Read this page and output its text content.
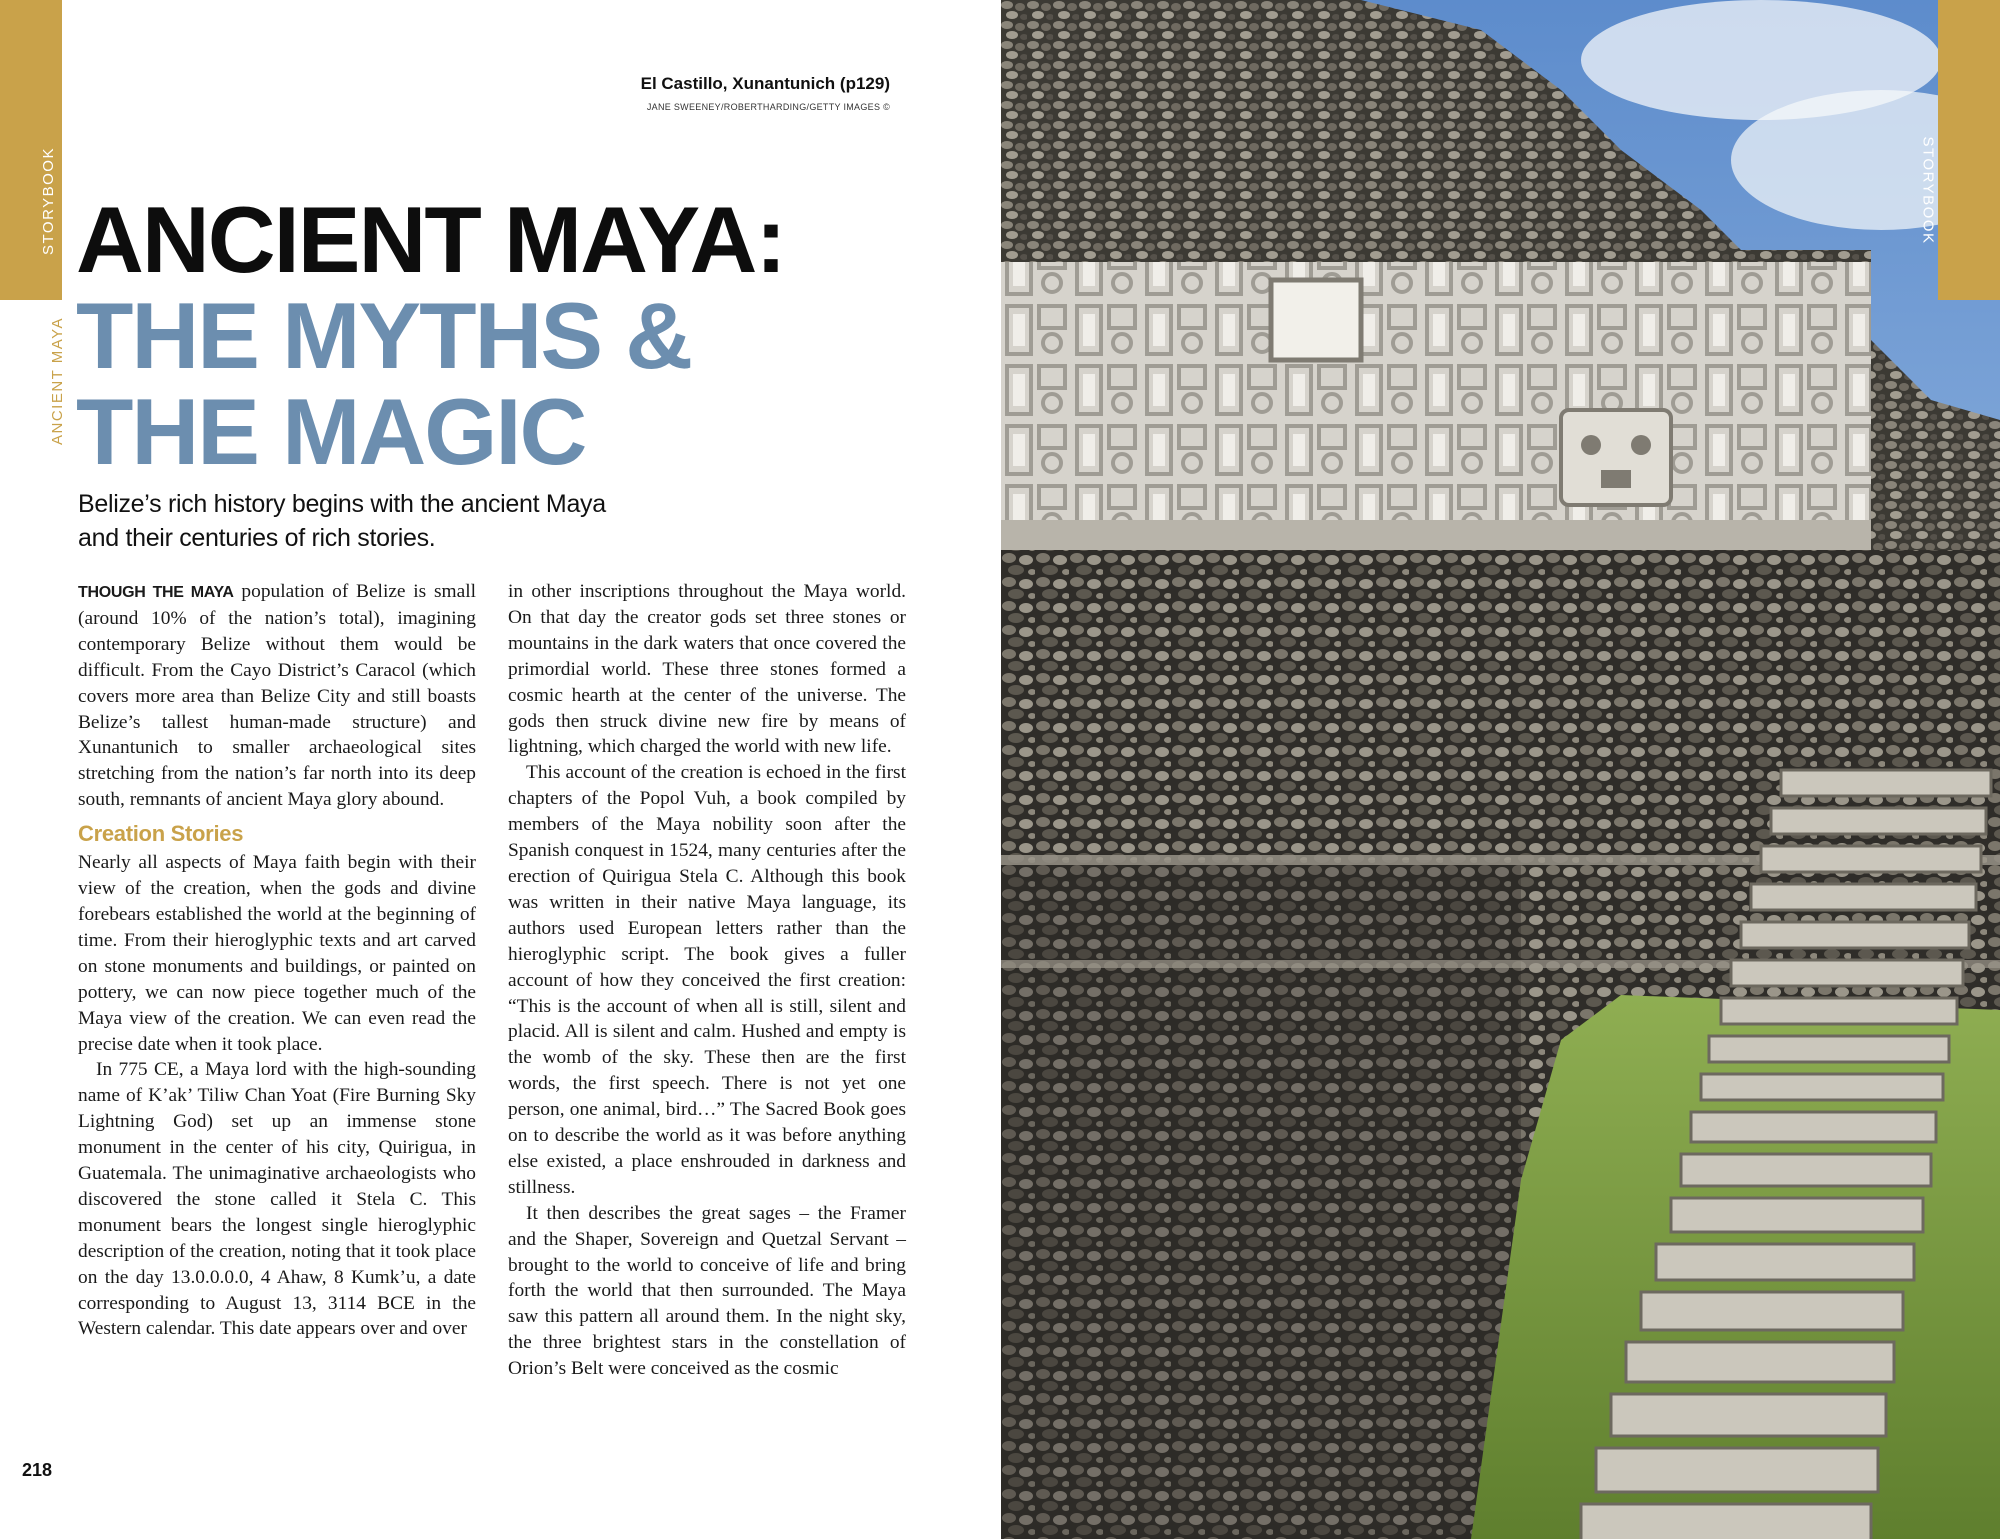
STORYBOOK
ANCIENT MAYA
El Castillo, Xunantunich (p129)
JANE SWEENEY/ROBERTHARDING/GETTY IMAGES ©
ANCIENT MAYA:
THE MYTHS &
THE MAGIC
Belize’s rich history begins with the ancient Maya and their centuries of rich stories.

THOUGH THE MAYA population of Belize is small (around 10% of the nation’s total), imagining contemporary Belize without them would be difficult. From the Cayo District’s Caracol (which covers more area than Belize City and still boasts Belize’s tallest human-made structure) and Xunantunich to smaller archaeological sites stretching from the nation’s far north into its deep south, remnants of ancient Maya glory abound.

Creation Stories

Nearly all aspects of Maya faith begin with their view of the creation, when the gods and divine forebears established the world at the beginning of time. From their hieroglyphic texts and art carved on stone monuments and buildings, or painted on pottery, we can now piece together much of the Maya view of the creation. We can even read the precise date when it took place.

In 775 CE, a Maya lord with the high-sounding name of K’ak’ Tiliw Chan Yoat (Fire Burning Sky Lightning God) set up an immense stone monument in the center of his city, Quirigua, in Guatemala. The unimaginative archaeologists who discovered the stone called it Stela C. This monument bears the longest single hieroglyphic description of the creation, noting that it took place on the day 13.0.0.0.0, 4 Ahaw, 8 Kumk’u, a date corresponding to August 13, 3114 BCE in the Western calendar. This date appears over and over

in other inscriptions throughout the Maya world. On that day the creator gods set three stones or mountains in the dark waters that once covered the primordial world. These three stones formed a cosmic hearth at the center of the universe. The gods then struck divine new fire by means of lightning, which charged the world with new life.

This account of the creation is echoed in the first chapters of the Popol Vuh, a book compiled by members of the Maya nobility soon after the Spanish conquest in 1524, many centuries after the erection of Quirigua Stela C. Although this book was written in their native Maya language, its authors used European letters rather than the hieroglyphic script. The book gives a fuller account of how they conceived the first creation: “This is the account of when all is still, silent and placid. All is silent and calm. Hushed and empty is the womb of the sky. These then are the first words, the first speech. There is not yet one person, one animal, bird…” The Sacred Book goes on to describe the world as it was before anything else existed, a place enshrouded in darkness and stillness.

It then describes the great sages – the Framer and the Shaper, Sovereign and Quetzal Servant – brought to the world to conceive of life and bring forth the world that then surrounded. The Maya saw this pattern all around them. In the night sky, the three brightest stars in the constellation of Orion’s Belt were conceived as the cosmic

218
STORYBOOK
